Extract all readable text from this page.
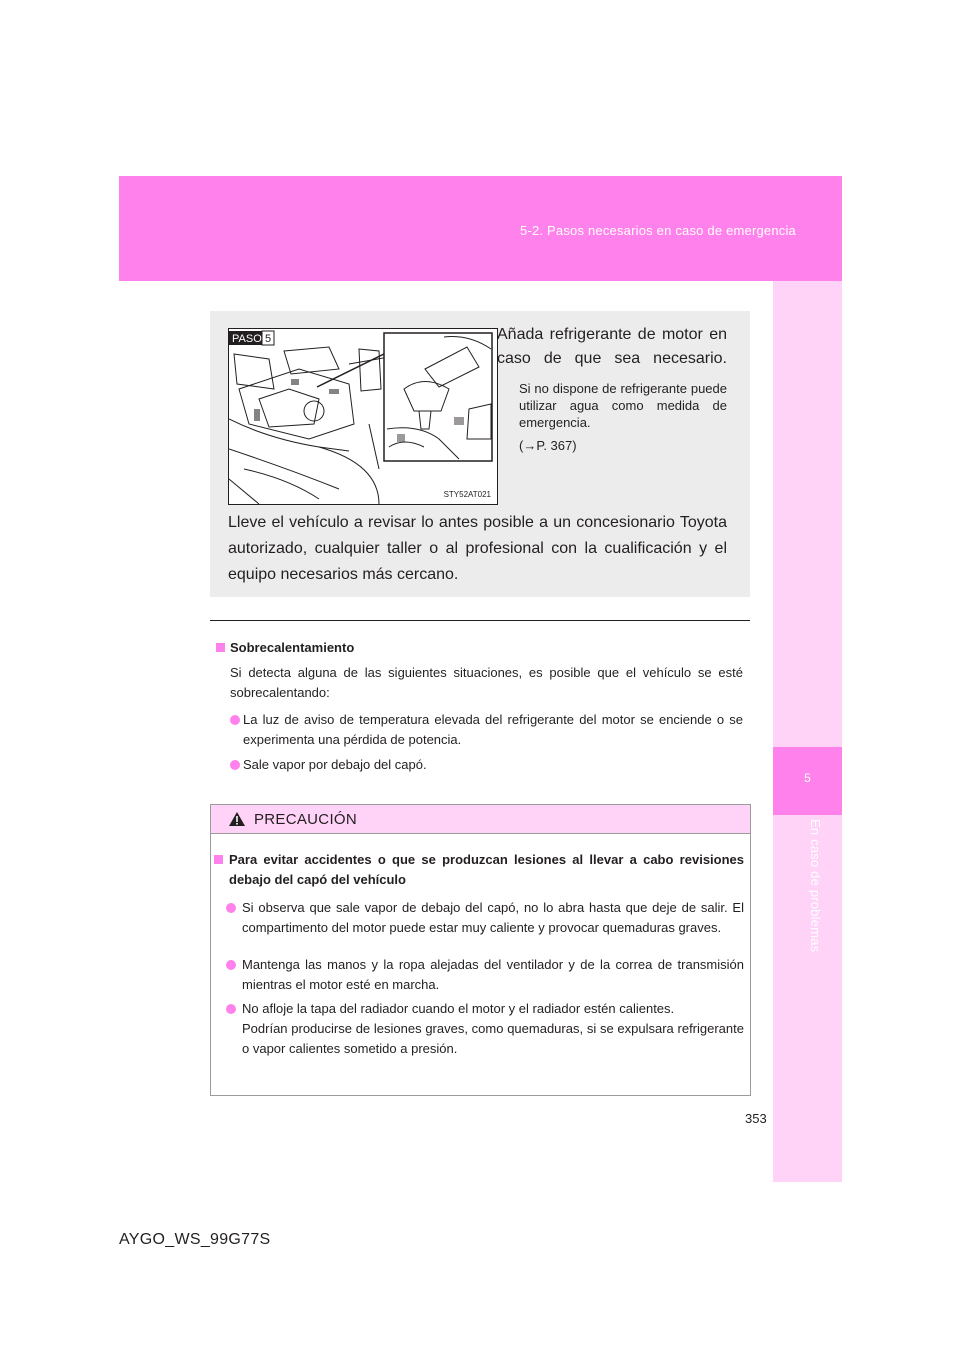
5-2. Pasos necesarios en caso de emergencia
5
En caso de problemas
PASO 5
STY52AT021
Añada refrigerante de motor en caso de que sea necesario.
Si no dispone de refrigerante puede utilizar agua como medida de emergencia.
(→P. 367)
Lleve el vehículo a revisar lo antes posible a un concesionario Toyota autorizado, cualquier taller o al profesional con la cualificación y el equipo necesarios más cercano.
Sobrecalentamiento
Si detecta alguna de las siguientes situaciones, es posible que el vehículo se esté sobrecalentando:
La luz de aviso de temperatura elevada del refrigerante del motor se enciende o se experimenta una pérdida de potencia.
Sale vapor por debajo del capó.
PRECAUCIÓN
Para evitar accidentes o que se produzcan lesiones al llevar a cabo revisiones debajo del capó del vehículo
Si observa que sale vapor de debajo del capó, no lo abra hasta que deje de salir. El compartimento del motor puede estar muy caliente y provocar quemaduras graves.
Mantenga las manos y la ropa alejadas del ventilador y de la correa de transmisión mientras el motor esté en marcha.
No afloje la tapa del radiador cuando el motor y el radiador estén calientes.
Podrían producirse de lesiones graves, como quemaduras, si se expulsara refrigerante o vapor calientes sometido a presión.
353
AYGO_WS_99G77S
